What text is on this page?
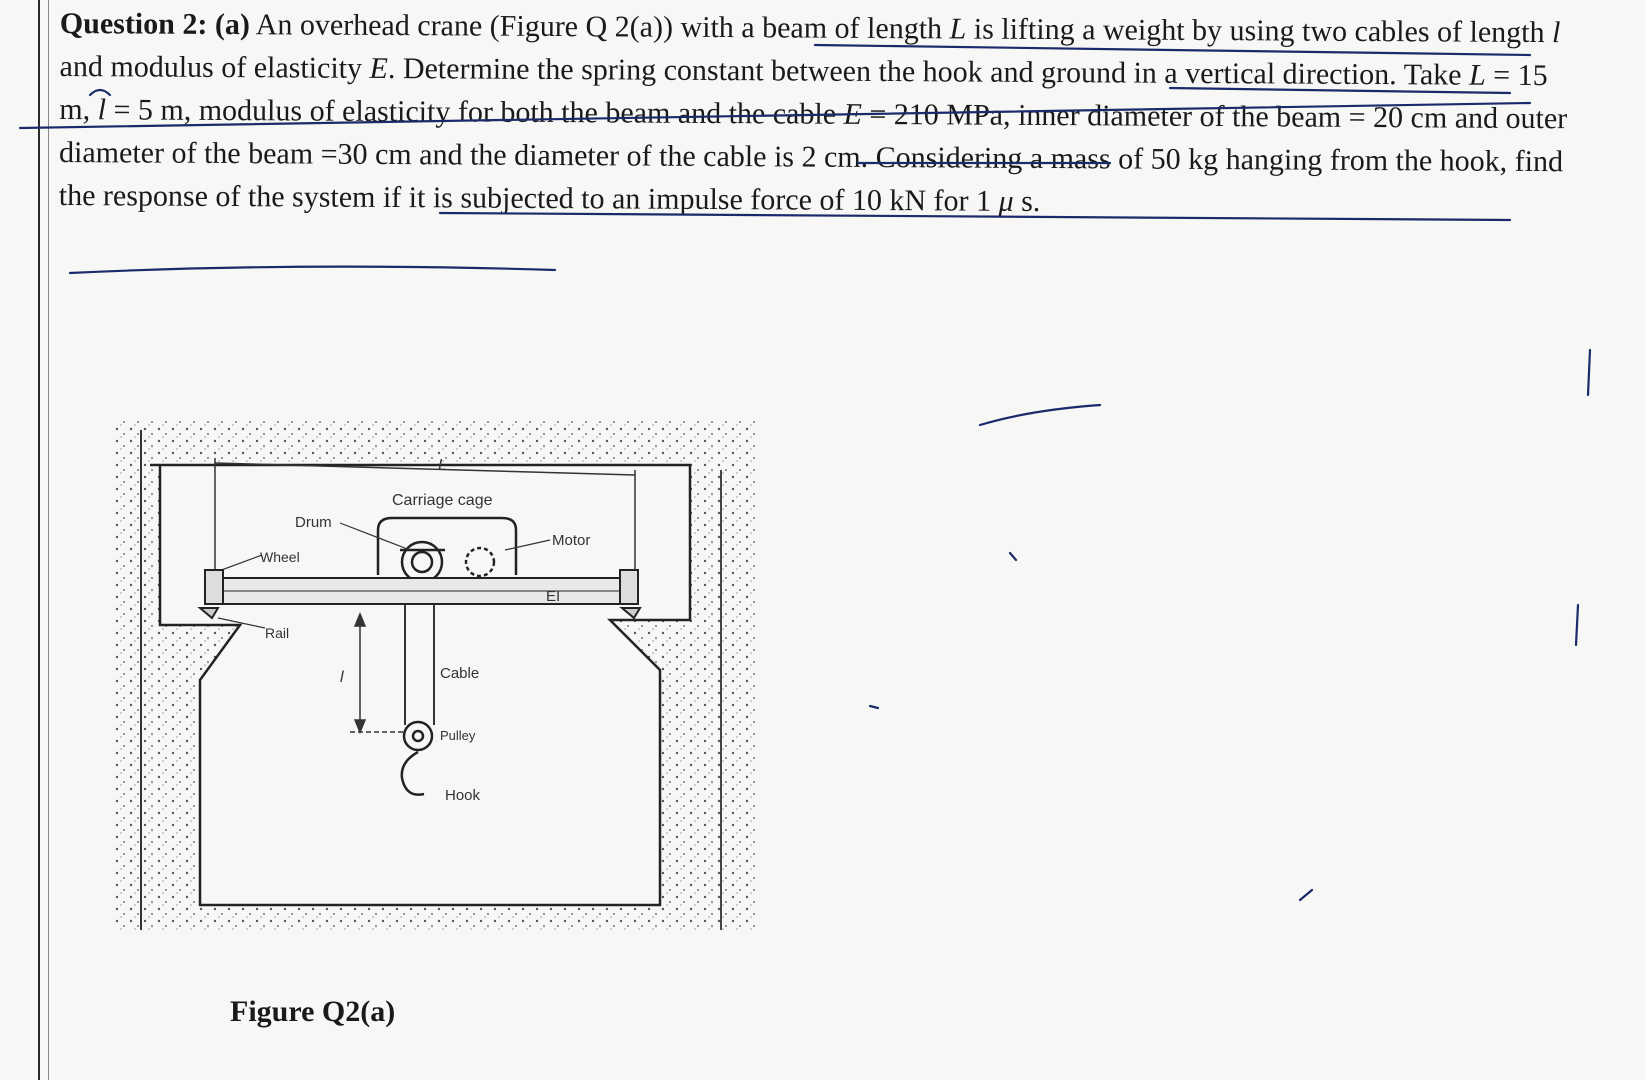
Question 2: (a) An overhead crane (Figure Q 2(a)) with a beam of length L is lifting a weight by using two cables of length l and modulus of elasticity E. Determine the spring constant between the hook and ground in a vertical direction. Take L = 15 m, l = 5 m, modulus of elasticity for both the beam and the cable E = 210 MPa, inner diameter of the beam = 20 cm and outer diameter of the beam =30 cm and the diameter of the cable is 2 cm. Considering a mass of 50 kg hanging from the hook, find the response of the system if it is subjected to an impulse force of 10 kN for 1 μ s.
L
Carriage cage
Drum
Motor
Wheel
EI
Rail
l	Cable
Pulley
Hook
Figure Q2(a)
